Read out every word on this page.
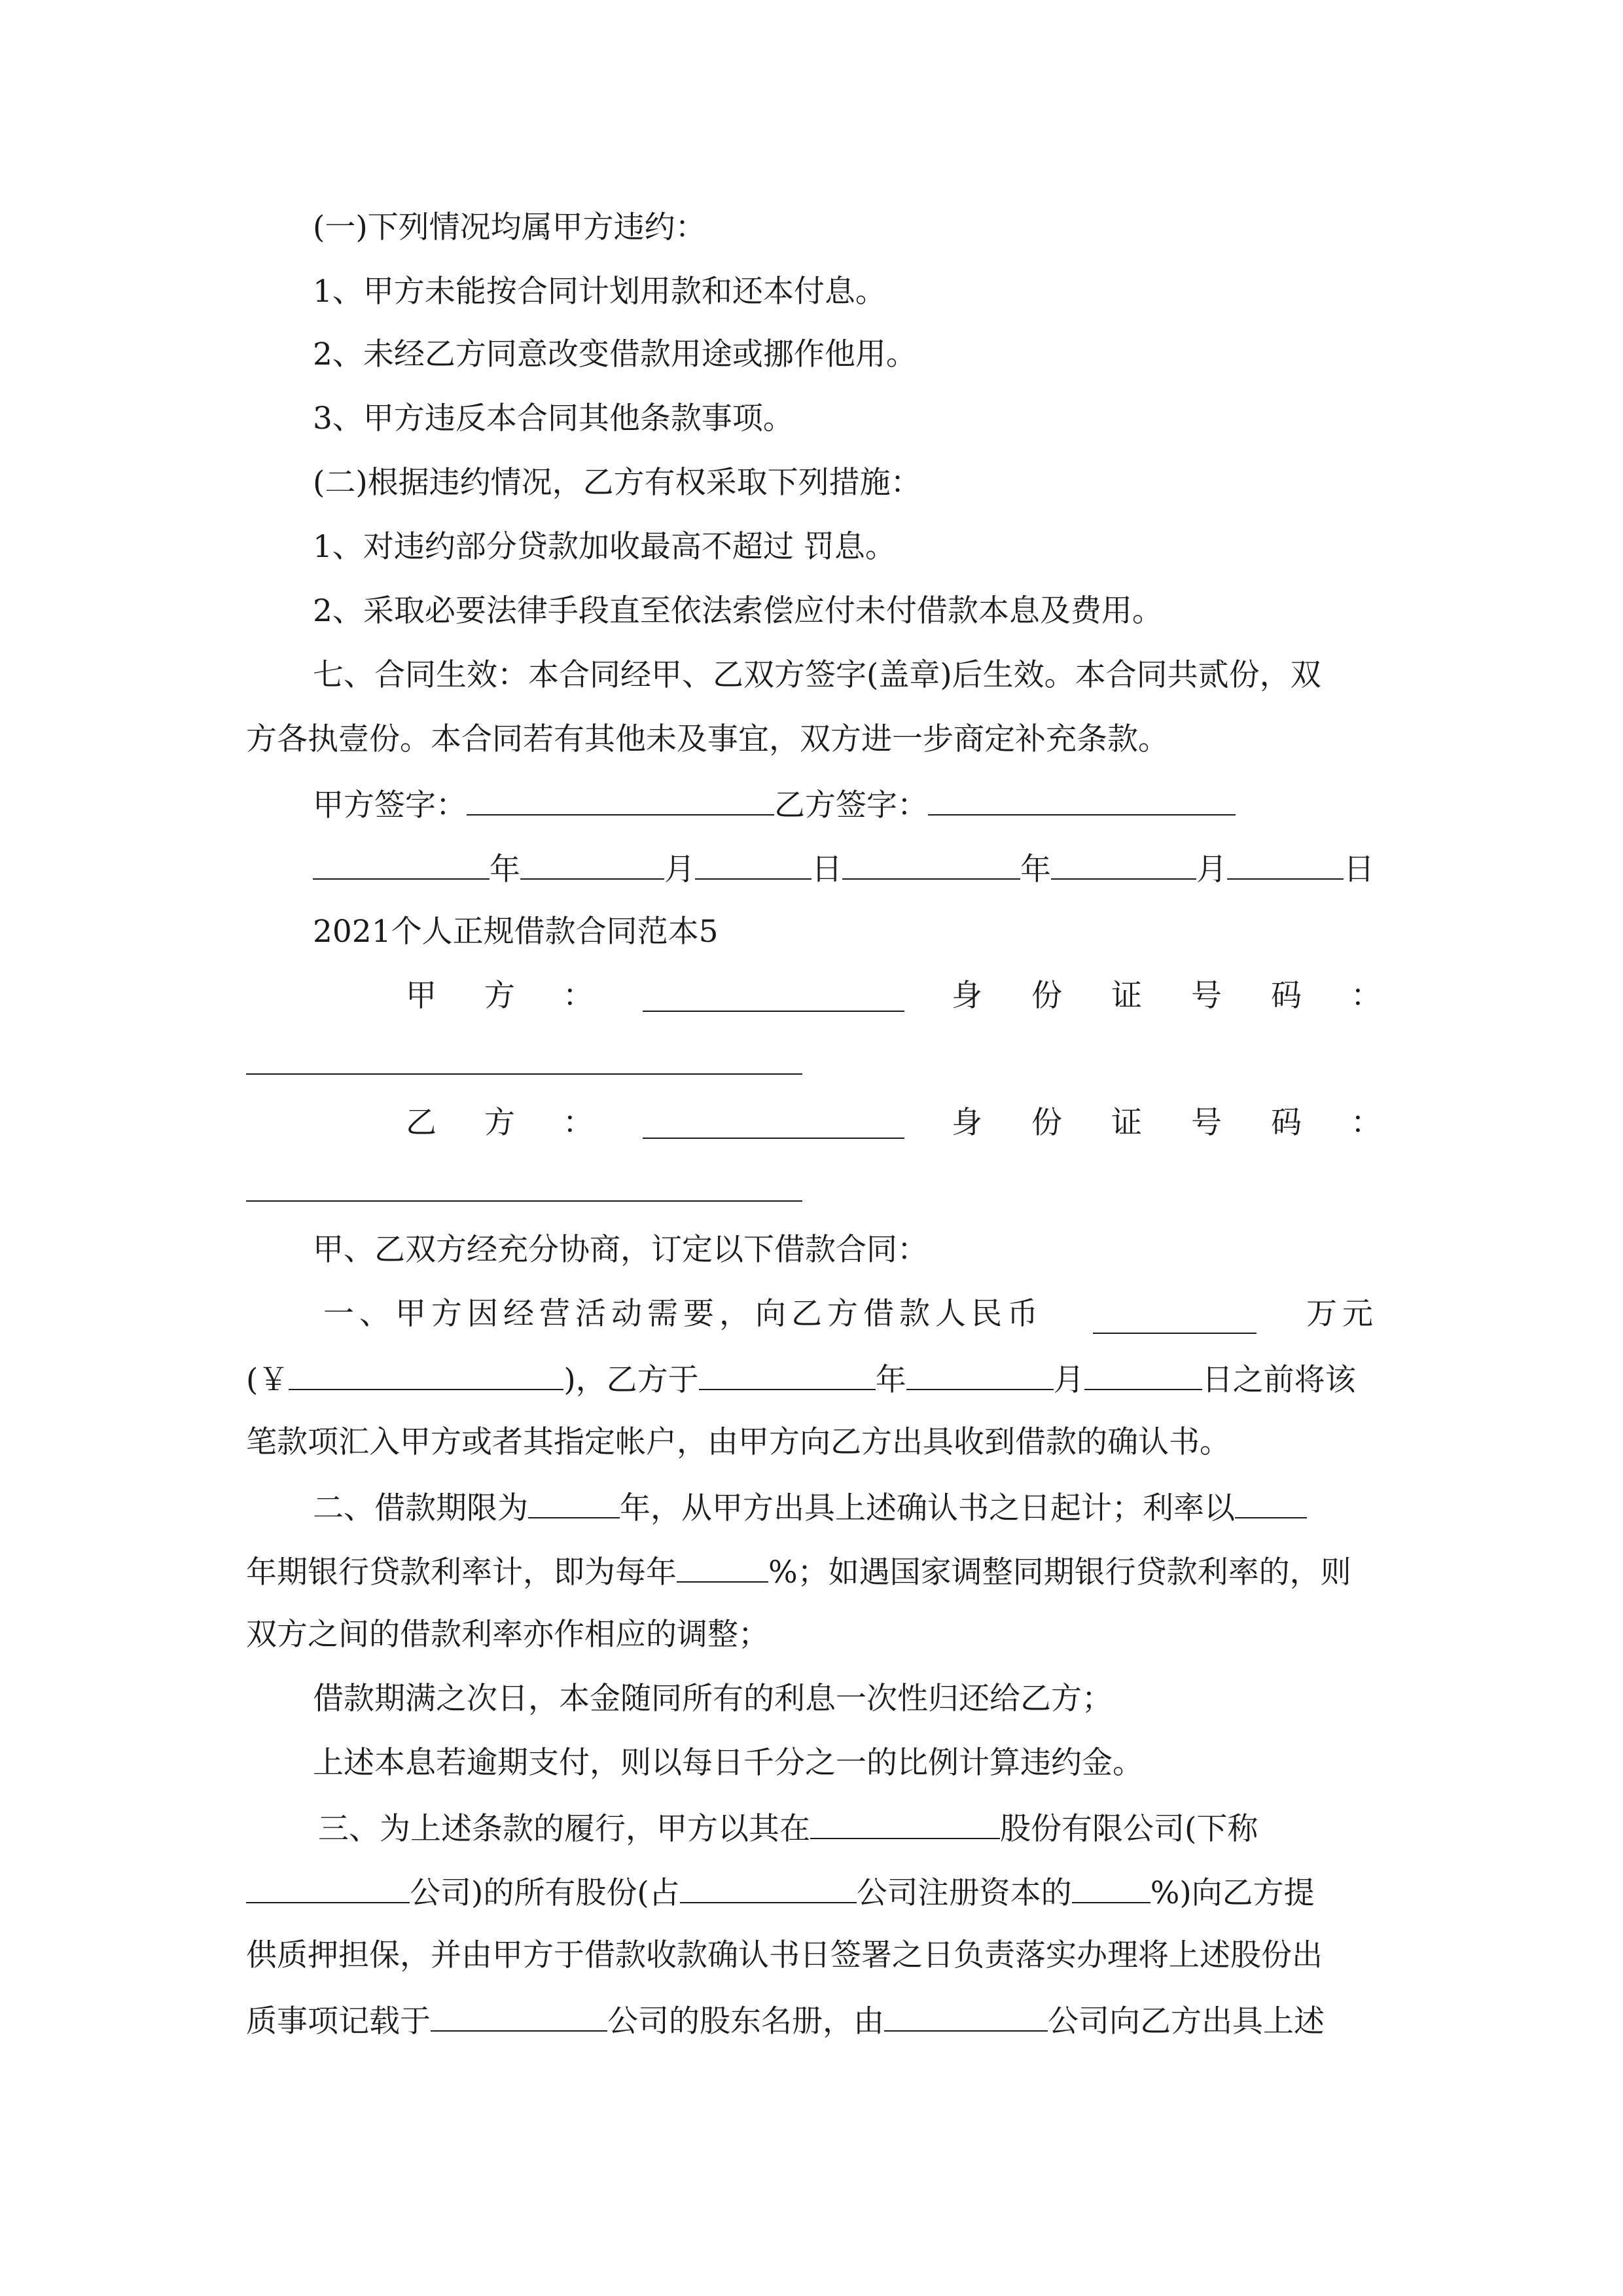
(一)下列情况均属甲方违约：
1、甲方未能按合同计划用款和还本付息。
2、未经乙方同意改变借款用途或挪作他用。
3、甲方违反本合同其他条款事项。
(二)根据违约情况，乙方有权采取下列措施：
1、对违约部分贷款加收最高不超过 罚息。
2、采取必要法律手段直至依法索偿应付未付借款本息及费用。
七、合同生效：本合同经甲、乙双方签字(盖章)后生效。本合同共贰份，双
方各执壹份。本合同若有其他未及事宜，双方进一步商定补充条款。
甲方签字：	乙方签字：
年	月	日	年	月	日
2021个人正规借款合同范本5
甲 方 ：	身 份 证 号 码 ：
乙 方 ：	身 份 证 号 码 ：
甲、乙双方经充分协商，订定以下借款合同：
一、甲方因经营活动需要，向乙方借款人民币	万元
(￥	)，乙方于	年	月	日之前将该
笔款项汇入甲方或者其指定帐户，由甲方向乙方出具收到借款的确认书。
二、借款期限为	年，从甲方出具上述确认书之日起计；利率以
年期银行贷款利率计，即为每年	%；如遇国家调整同期银行贷款利率的，则
双方之间的借款利率亦作相应的调整；
借款期满之次日，本金随同所有的利息一次性归还给乙方；
上述本息若逾期支付，则以每日千分之一的比例计算违约金。
三、为上述条款的履行，甲方以其在	股份有限公司(下称
公司)的所有股份(占	公司注册资本的	%)向乙方提
供质押担保，并由甲方于借款收款确认书日签署之日负责落实办理将上述股份出
质事项记载于	公司的股东名册，由	公司向乙方出具上述
